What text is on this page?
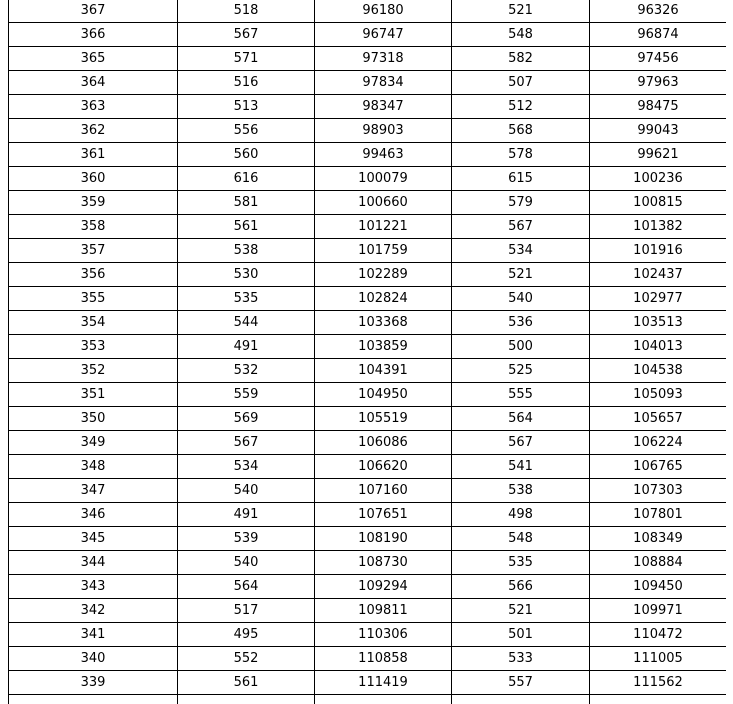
367	518	96180	521	96326
366	567	96747	548	96874
365	571	97318	582	97456
364	516	97834	507	97963
363	513	98347	512	98475
362	556	98903	568	99043
361	560	99463	578	99621
360	616	100079	615	100236
359	581	100660	579	100815
358	561	101221	567	101382
357	538	101759	534	101916
356	530	102289	521	102437
355	535	102824	540	102977
354	544	103368	536	103513
353	491	103859	500	104013
352	532	104391	525	104538
351	559	104950	555	105093
350	569	105519	564	105657
349	567	106086	567	106224
348	534	106620	541	106765
347	540	107160	538	107303
346	491	107651	498	107801
345	539	108190	548	108349
344	540	108730	535	108884
343	564	109294	566	109450
342	517	109811	521	109971
341	495	110306	501	110472
340	552	110858	533	111005
339	561	111419	557	111562
